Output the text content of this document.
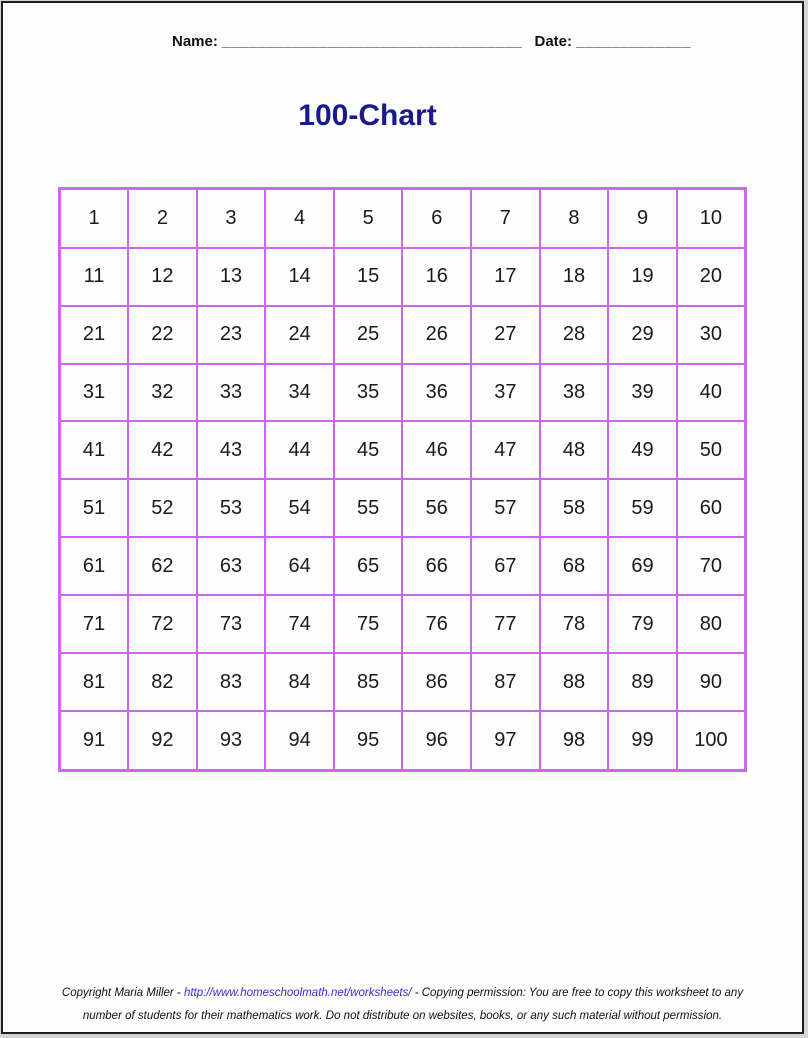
Name: __________________________________ Date: _____________
100-Chart
1	2	3	4	5	6	7	8	9	10
11	12	13	14	15	16	17	18	19	20
21	22	23	24	25	26	27	28	29	30
31	32	33	34	35	36	37	38	39	40
41	42	43	44	45	46	47	48	49	50
51	52	53	54	55	56	57	58	59	60
61	62	63	64	65	66	67	68	69	70
71	72	73	74	75	76	77	78	79	80
81	82	83	84	85	86	87	88	89	90
91	92	93	94	95	96	97	98	99	100
Copyright Maria Miller - http://www.homeschoolmath.net/worksheets/ - Copying permission: You are free to copy this worksheet to any
number of students for their mathematics work. Do not distribute on websites, books, or any such material without permission.
